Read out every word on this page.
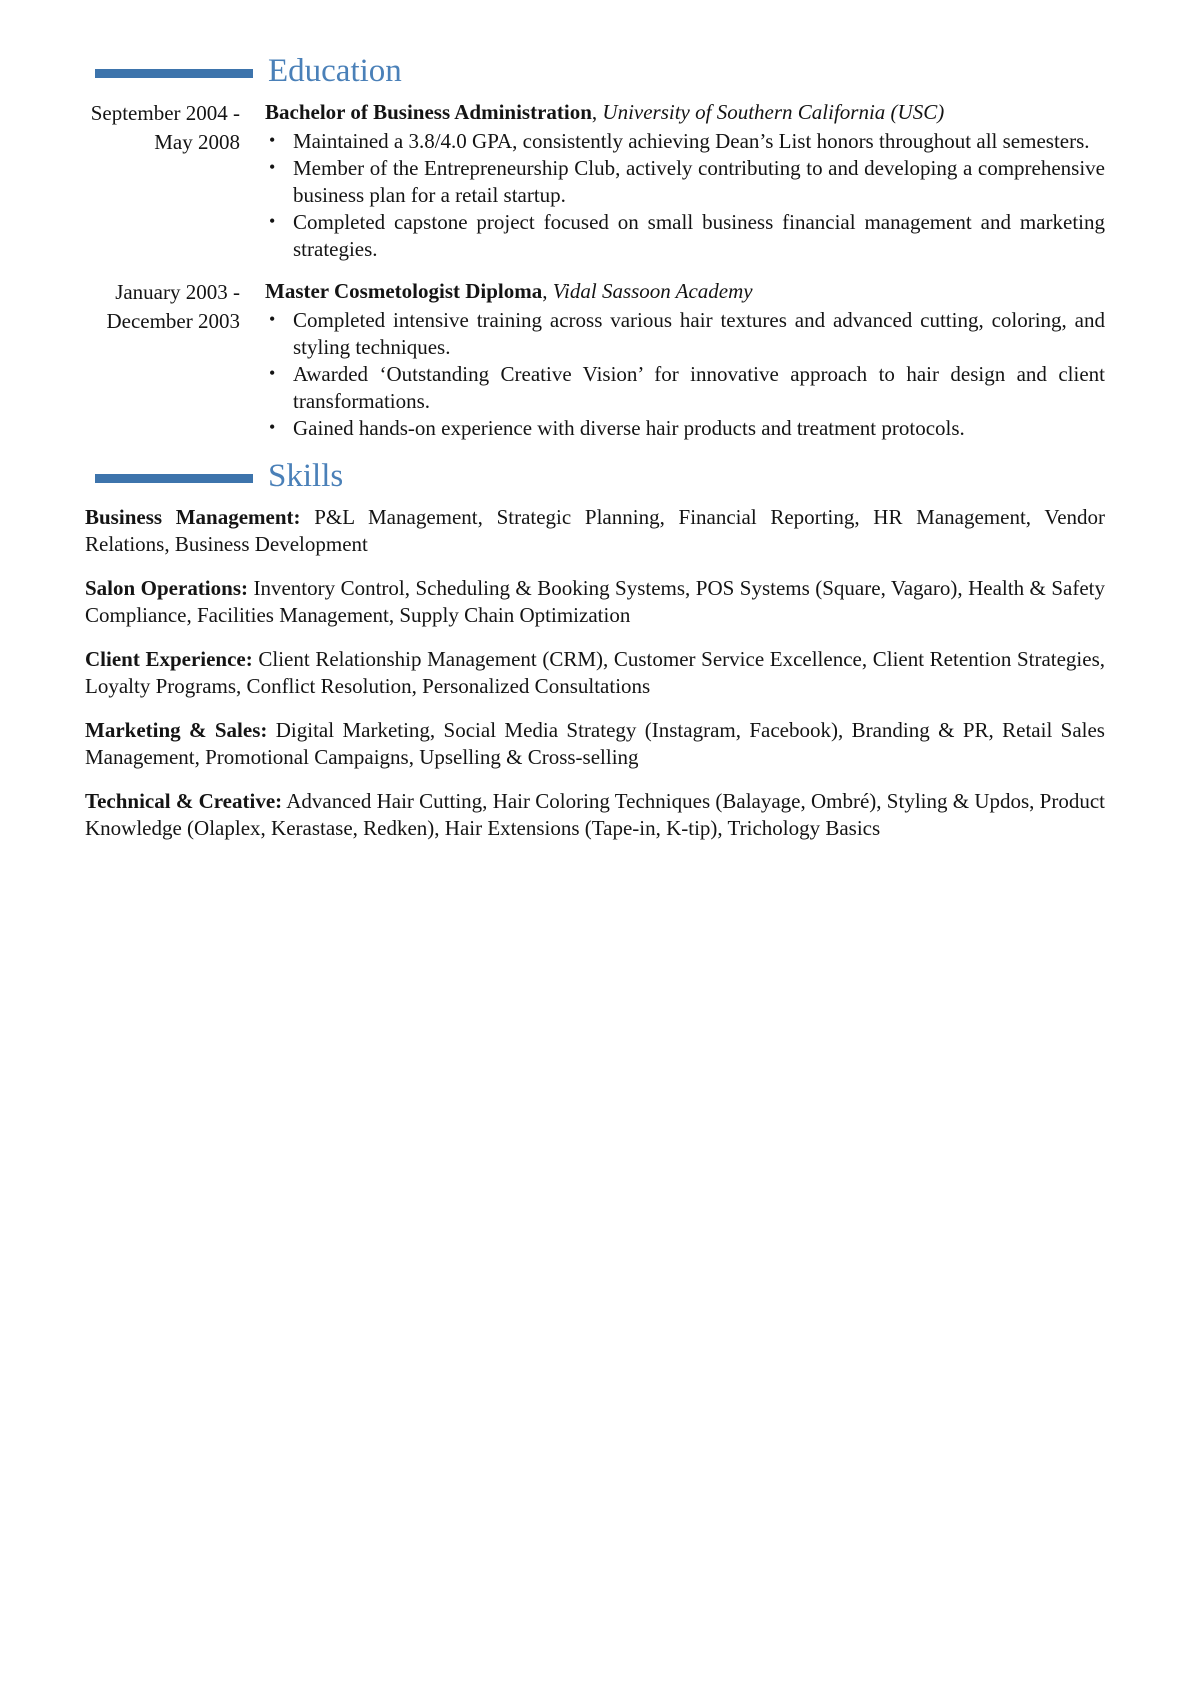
Education
September 2004 - May 2008
Bachelor of Business Administration, University of Southern California (USC)
• Maintained a 3.8/4.0 GPA, consistently achieving Dean’s List honors throughout all semesters.
• Member of the Entrepreneurship Club, actively contributing to and developing a comprehensive business plan for a retail startup.
• Completed capstone project focused on small business financial management and marketing strategies.
January 2003 - December 2003
Master Cosmetologist Diploma, Vidal Sassoon Academy
• Completed intensive training across various hair textures and advanced cutting, coloring, and styling techniques.
• Awarded ‘Outstanding Creative Vision’ for innovative approach to hair design and client transformations.
• Gained hands-on experience with diverse hair products and treatment protocols.
Skills

Business Management: P&L Management, Strategic Planning, Financial Reporting, HR Management, Vendor Relations, Business Development

Salon Operations: Inventory Control, Scheduling & Booking Systems, POS Systems (Square, Vagaro), Health & Safety Compliance, Facilities Management, Supply Chain Optimization

Client Experience: Client Relationship Management (CRM), Customer Service Excellence, Client Retention Strategies, Loyalty Programs, Conflict Resolution, Personalized Consultations

Marketing & Sales: Digital Marketing, Social Media Strategy (Instagram, Facebook), Branding & PR, Retail Sales Management, Promotional Campaigns, Upselling & Cross-selling

Technical & Creative: Advanced Hair Cutting, Hair Coloring Techniques (Balayage, Ombré), Styling & Updos, Product Knowledge (Olaplex, Kerastase, Redken), Hair Extensions (Tape-in, K-tip), Trichology Basics
